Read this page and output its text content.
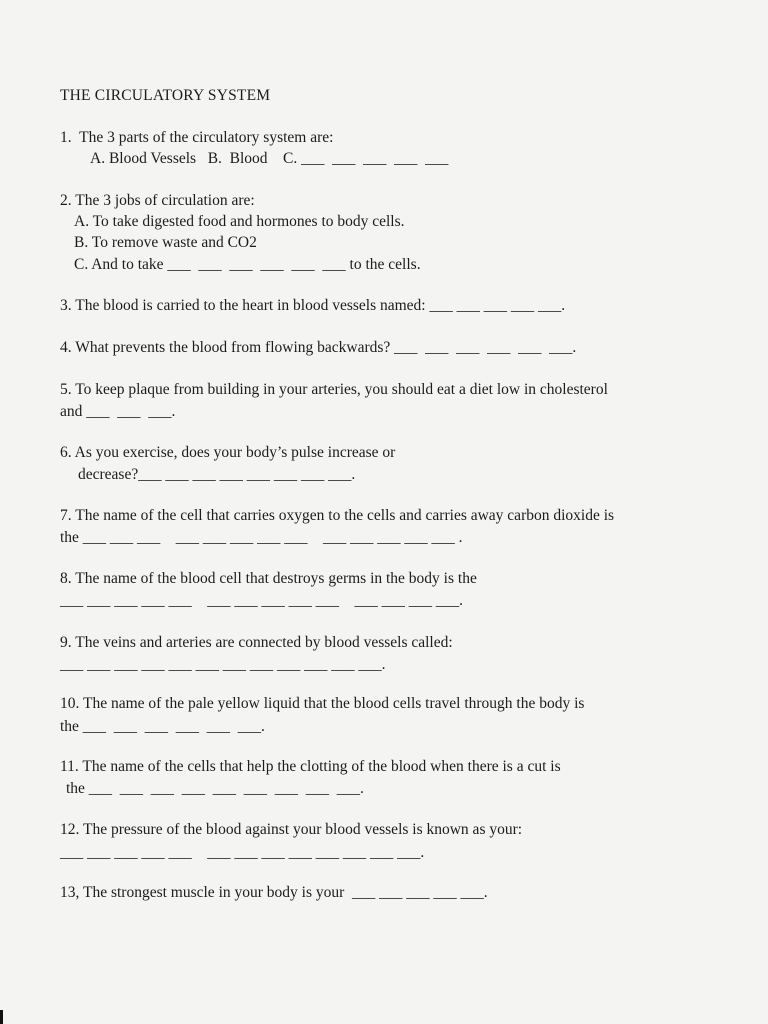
THE CIRCULATORY SYSTEM
1.  The 3 parts of the circulatory system are:
A. Blood Vessels   B.  Blood    C. ___  ___  ___  ___  ___
2. The 3 jobs of circulation are:
A. To take digested food and hormones to body cells.
B. To remove waste and CO2
C. And to take ___  ___  ___  ___  ___  ___ to the cells.
3. The blood is carried to the heart in blood vessels named: ___ ___ ___ ___ ___.
4. What prevents the blood from flowing backwards? ___  ___  ___  ___  ___  ___.
5. To keep plaque from building in your arteries, you should eat a diet low in cholesterol
and ___  ___  ___.
6. As you exercise, does your body’s pulse increase or
decrease?___ ___ ___ ___ ___ ___ ___ ___.
7. The name of the cell that carries oxygen to the cells and carries away carbon dioxide is
the ___ ___ ___    ___ ___ ___ ___ ___    ___ ___ ___ ___ ___ .
8. The name of the blood cell that destroys germs in the body is the
___ ___ ___ ___ ___    ___ ___ ___ ___ ___    ___ ___ ___ ___.
9. The veins and arteries are connected by blood vessels called:
___ ___ ___ ___ ___ ___ ___ ___ ___ ___ ___ ___.
10. The name of the pale yellow liquid that the blood cells travel through the body is
the ___  ___  ___  ___  ___  ___.
11. The name of the cells that help the clotting of the blood when there is a cut is
the ___  ___  ___  ___  ___  ___  ___  ___  ___.
12. The pressure of the blood against your blood vessels is known as your:
___ ___ ___ ___ ___    ___ ___ ___ ___ ___ ___ ___ ___.
13, The strongest muscle in your body is your  ___ ___ ___ ___ ___.
